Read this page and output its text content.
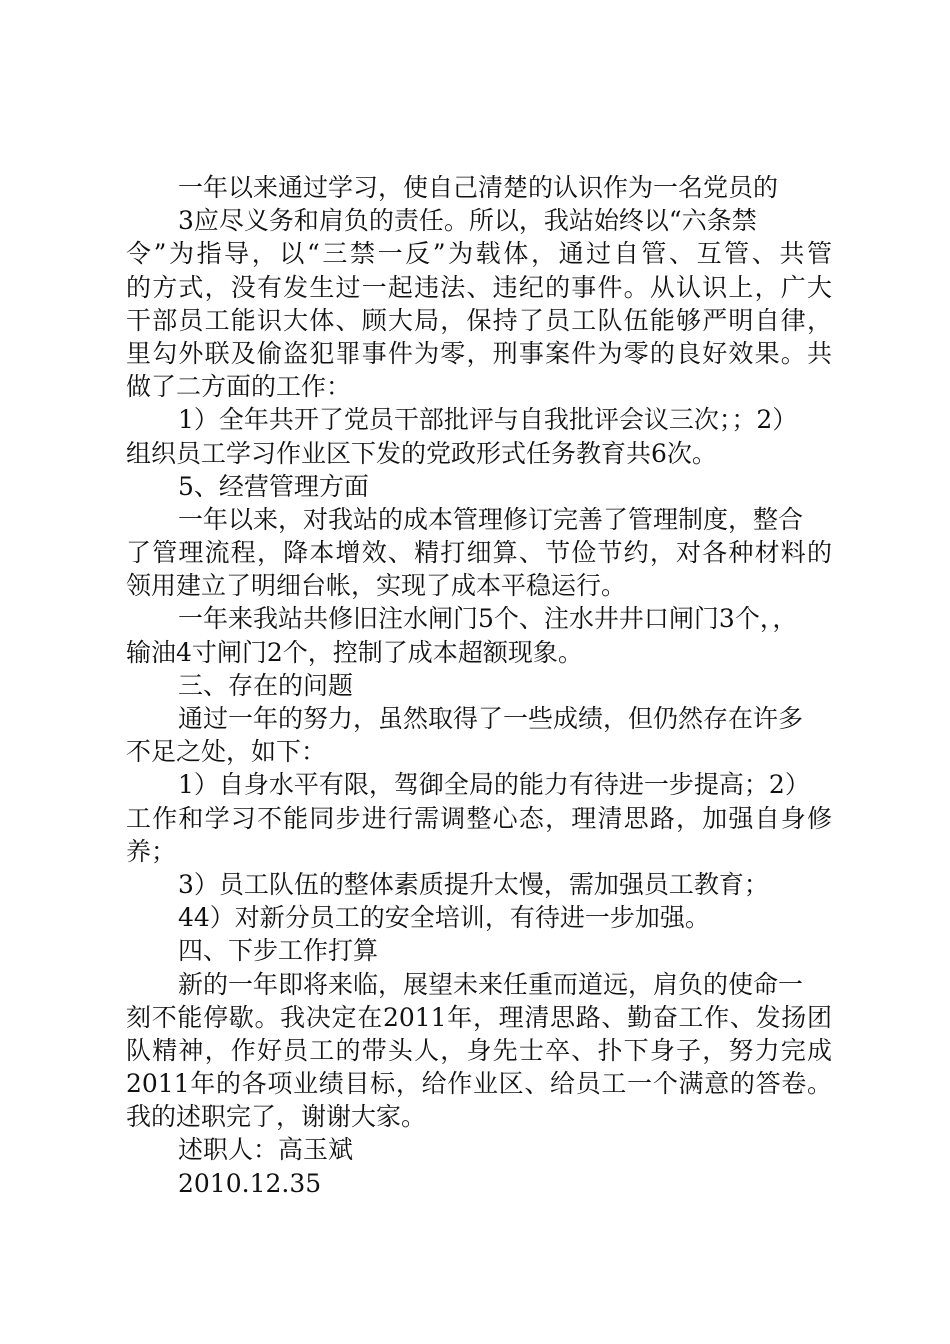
一年以来通过学习，使自己清楚的认识作为一名党员的
3应尽义务和肩负的责任。所以，我站始终以“六条禁
令”为指导，以“三禁一反”为载体，通过自管、互管、共管
的方式，没有发生过一起违法、违纪的事件。从认识上，广大
干部员工能识大体、顾大局，保持了员工队伍能够严明自律，
里勾外联及偷盗犯罪事件为零，刑事案件为零的良好效果。共
做了二方面的工作：
1）全年共开了党员干部批评与自我批评会议三次；；2）
组织员工学习作业区下发的党政形式任务教育共6次。
5、经营管理方面
一年以来，对我站的成本管理修订完善了管理制度，整合
了管理流程，降本增效、精打细算、节俭节约，对各种材料的
领用建立了明细台帐，实现了成本平稳运行。
一年来我站共修旧注水闸门5个、注水井井口闸门3个，，
输油4寸闸门2个，控制了成本超额现象。
三、存在的问题
通过一年的努力，虽然取得了一些成绩，但仍然存在许多
不足之处，如下：
1）自身水平有限，驾御全局的能力有待进一步提高；2）
工作和学习不能同步进行需调整心态，理清思路，加强自身修
养；
3）员工队伍的整体素质提升太慢，需加强员工教育；
44）对新分员工的安全培训，有待进一步加强。
四、下步工作打算
新的一年即将来临，展望未来任重而道远，肩负的使命一
刻不能停歇。我决定在2011年，理清思路、勤奋工作、发扬团
队精神，作好员工的带头人，身先士卒、扑下身子，努力完成
2011年的各项业绩目标，给作业区、给员工一个满意的答卷。
我的述职完了，谢谢大家。
述职人：高玉斌
2010.12.35
